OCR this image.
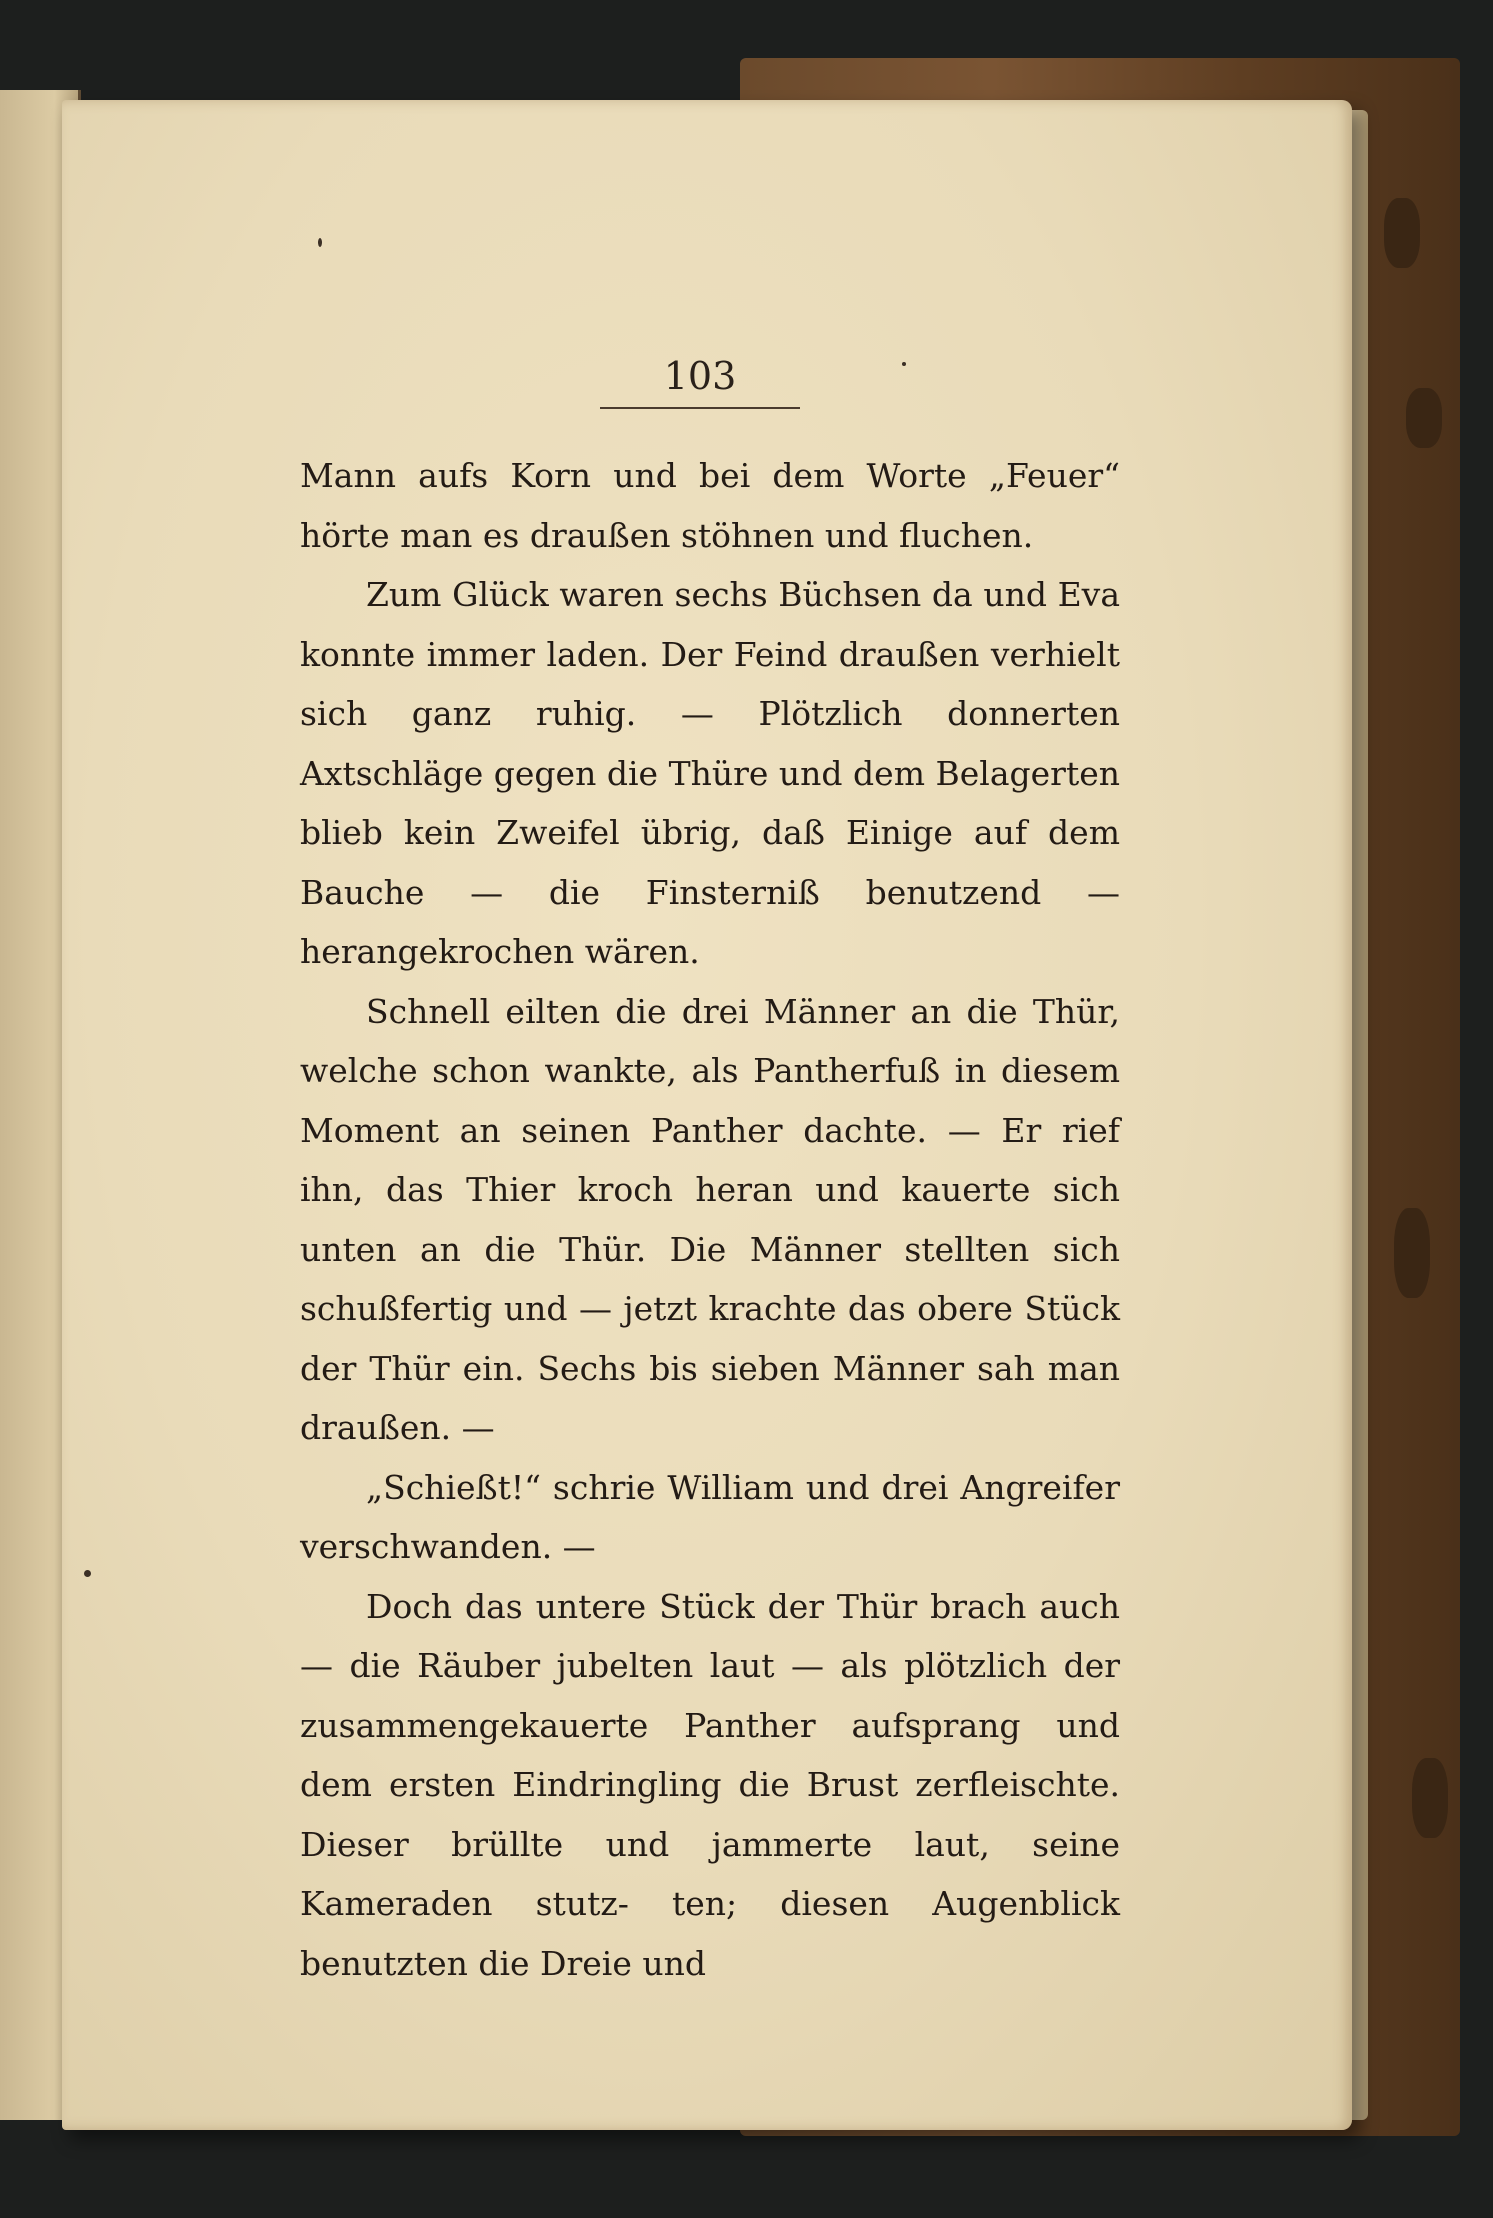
103

Mann aufs Korn und bei dem Worte „Feuer“ hörte man es draußen stöhnen und fluchen.

Zum Glück waren sechs Büchsen da und Eva konnte immer laden. Der Feind draußen verhielt sich ganz ruhig. — Plötzlich donnerten Axtschläge gegen die Thüre und dem Belagerten blieb kein Zweifel übrig, daß Einige auf dem Bauche — die Finsterniß benutzend — herangekrochen wären.

Schnell eilten die drei Männer an die Thür, welche schon wankte, als Pantherfuß in diesem Moment an seinen Panther dachte. — Er rief ihn, das Thier kroch heran und kauerte sich unten an die Thür. Die Männer stellten sich schußfertig und — jetzt krachte das obere Stück der Thür ein. Sechs bis sieben Männer sah man draußen. —

„Schießt!“ schrie William und drei Angreifer verschwanden. —

Doch das untere Stück der Thür brach auch — die Räuber jubelten laut — als plötzlich der zusammengekauerte Panther aufsprang und dem ersten Eindringling die Brust zerfleischte. Dieser brüllte und jammerte laut, seine Kameraden stutz- ten; diesen Augenblick benutzten die Dreie und
